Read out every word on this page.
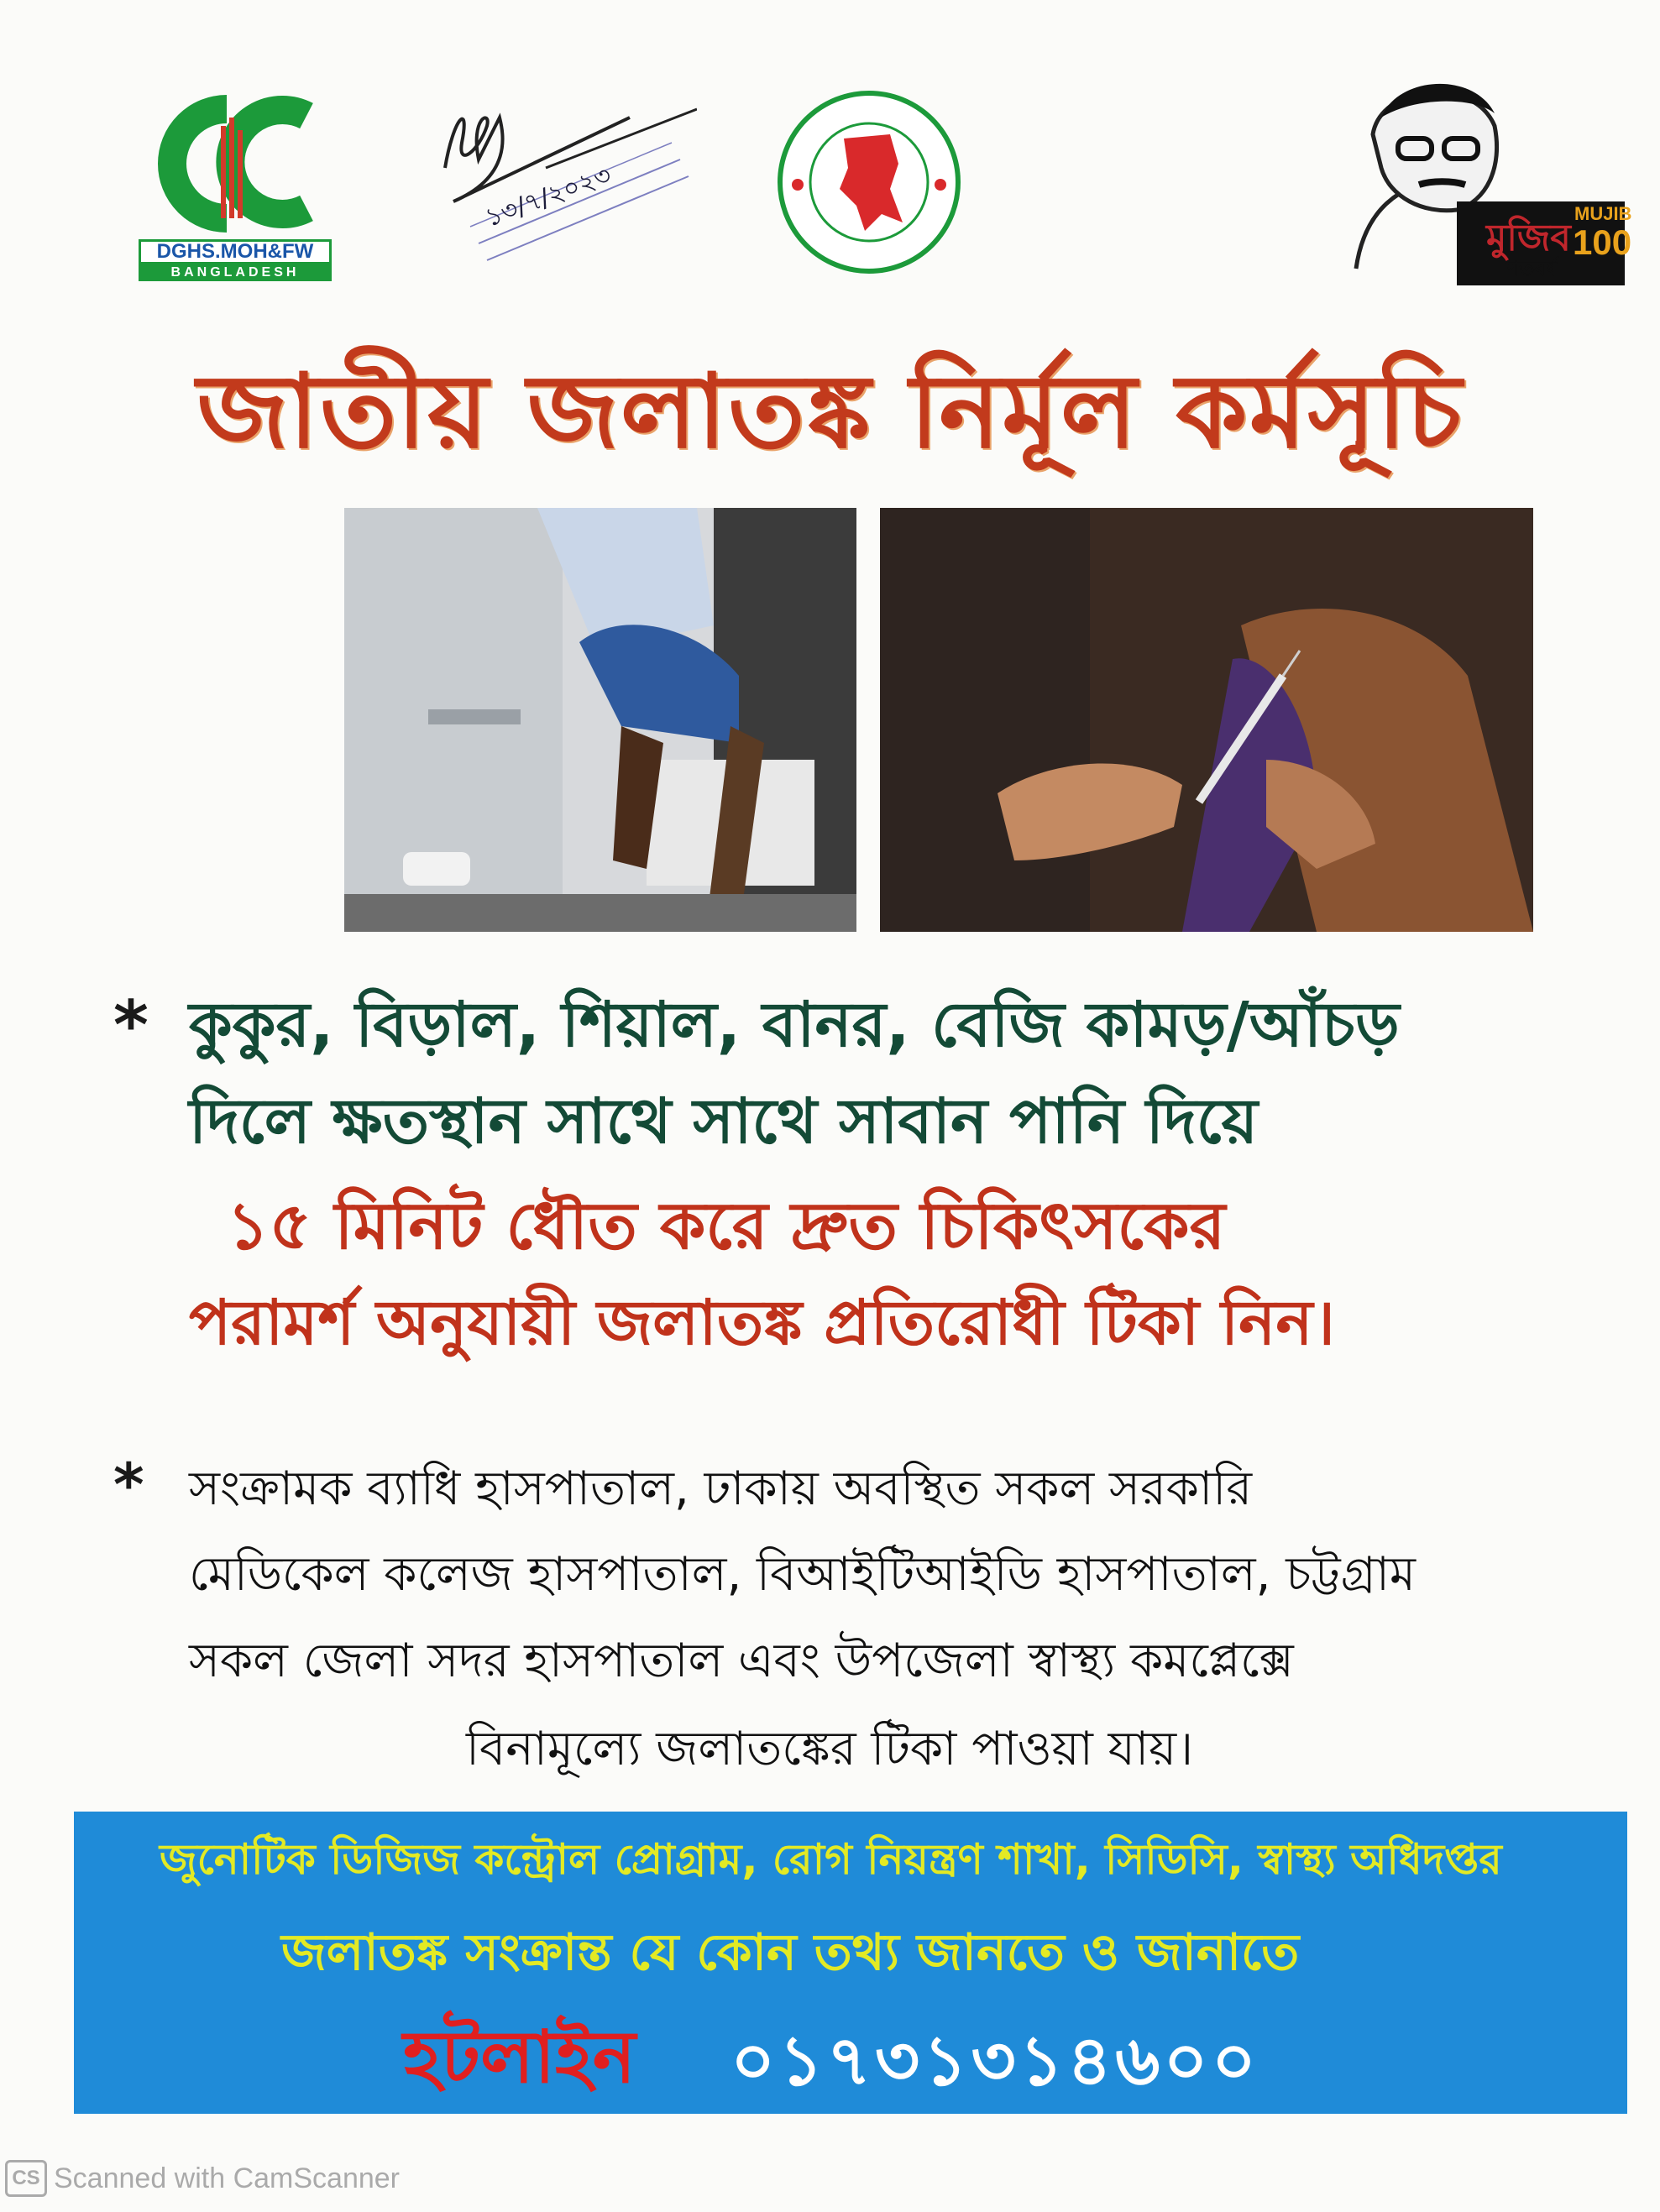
DGHS.MOH&FW
BANGLADESH
১৩/৭/২০২৩
মুজিব
MUJIB
100
শতবর্ষ
জাতীয় জলাতঙ্ক নির্মূল কর্মসূচি
* কুকুর, বিড়াল, শিয়াল, বানর, বেজি কামড়/আঁচড়
দিলে ক্ষতস্থান সাথে সাথে সাবান পানি দিয়ে
১৫ মিনিট ধৌত করে দ্রুত চিকিৎসকের
পরামর্শ অনুযায়ী জলাতঙ্ক প্রতিরোধী টিকা নিন।
* সংক্রামক ব্যাধি হাসপাতাল, ঢাকায় অবস্থিত সকল সরকারি
মেডিকেল কলেজ হাসপাতাল, বিআইটিআইডি হাসপাতাল, চট্টগ্রাম
সকল জেলা সদর হাসপাতাল এবং উপজেলা স্বাস্থ্য কমপ্লেক্সে
বিনামূল্যে জলাতঙ্কের টিকা পাওয়া যায়।
জুনোটিক ডিজিজ কন্ট্রোল প্রোগ্রাম, রোগ নিয়ন্ত্রণ শাখা, সিডিসি, স্বাস্থ্য অধিদপ্তর
জলাতঙ্ক সংক্রান্ত যে কোন তথ্য জানতে ও জানাতে
হটলাইন ০১৭৩১৩১৪৬০০
CS Scanned with CamScanner
